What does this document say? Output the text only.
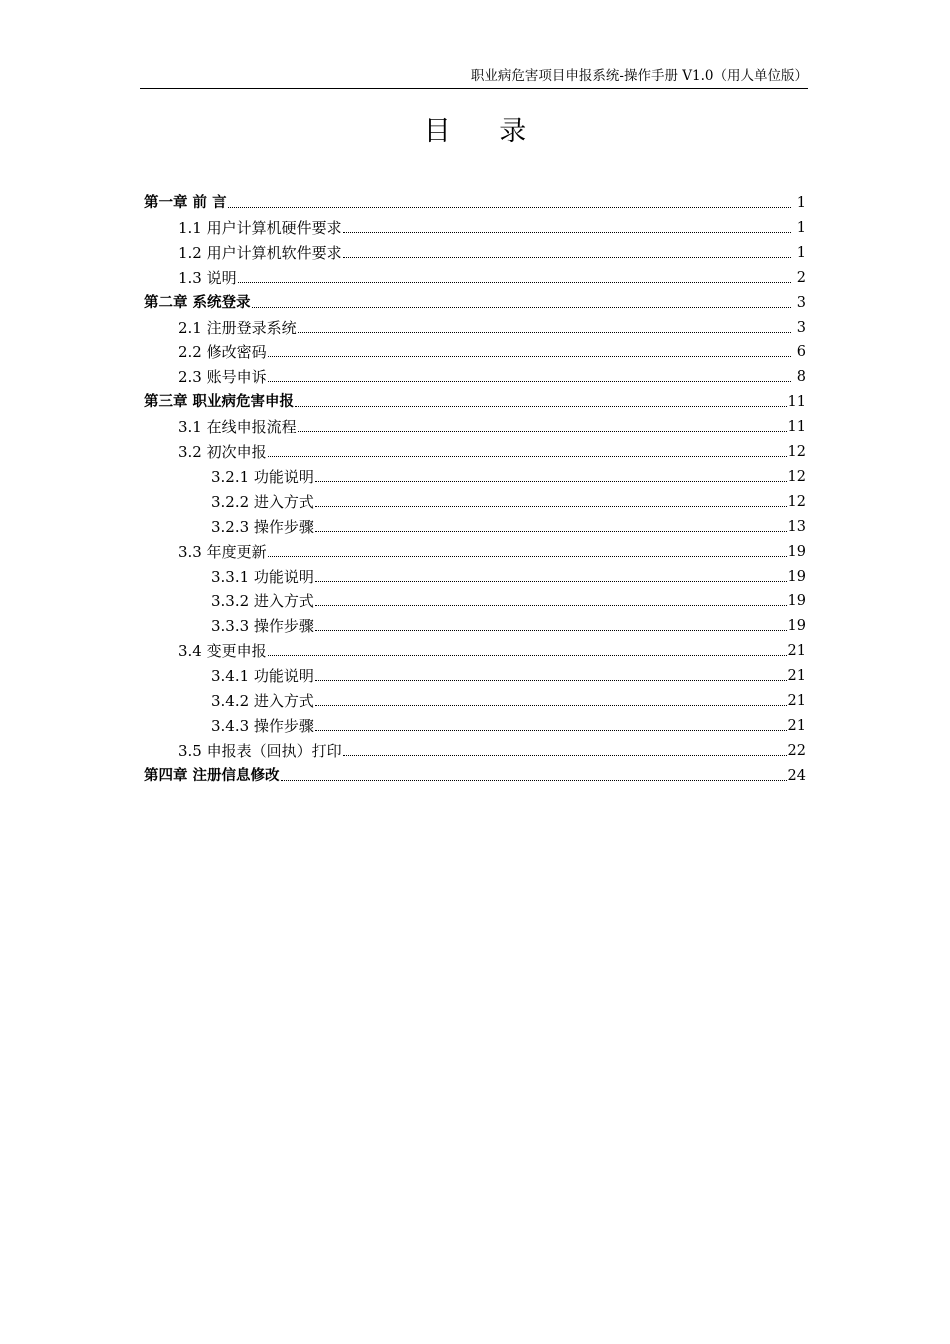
职业病危害项目申报系统-操作手册 V1.0（用人单位版）
目 录
第一章 前 言	1
1.1 用户计算机硬件要求	1
1.2 用户计算机软件要求	1
1.3 说明	2
第二章 系统登录	3
2.1 注册登录系统	3
2.2 修改密码	6
2.3 账号申诉	8
第三章 职业病危害申报	11
3.1 在线申报流程	11
3.2 初次申报	12
3.2.1 功能说明	12
3.2.2 进入方式	12
3.2.3 操作步骤	13
3.3 年度更新	19
3.3.1 功能说明	19
3.3.2 进入方式	19
3.3.3 操作步骤	19
3.4 变更申报	21
3.4.1 功能说明	21
3.4.2 进入方式	21
3.4.3 操作步骤	21
3.5 申报表（回执）打印	22
第四章 注册信息修改	24
